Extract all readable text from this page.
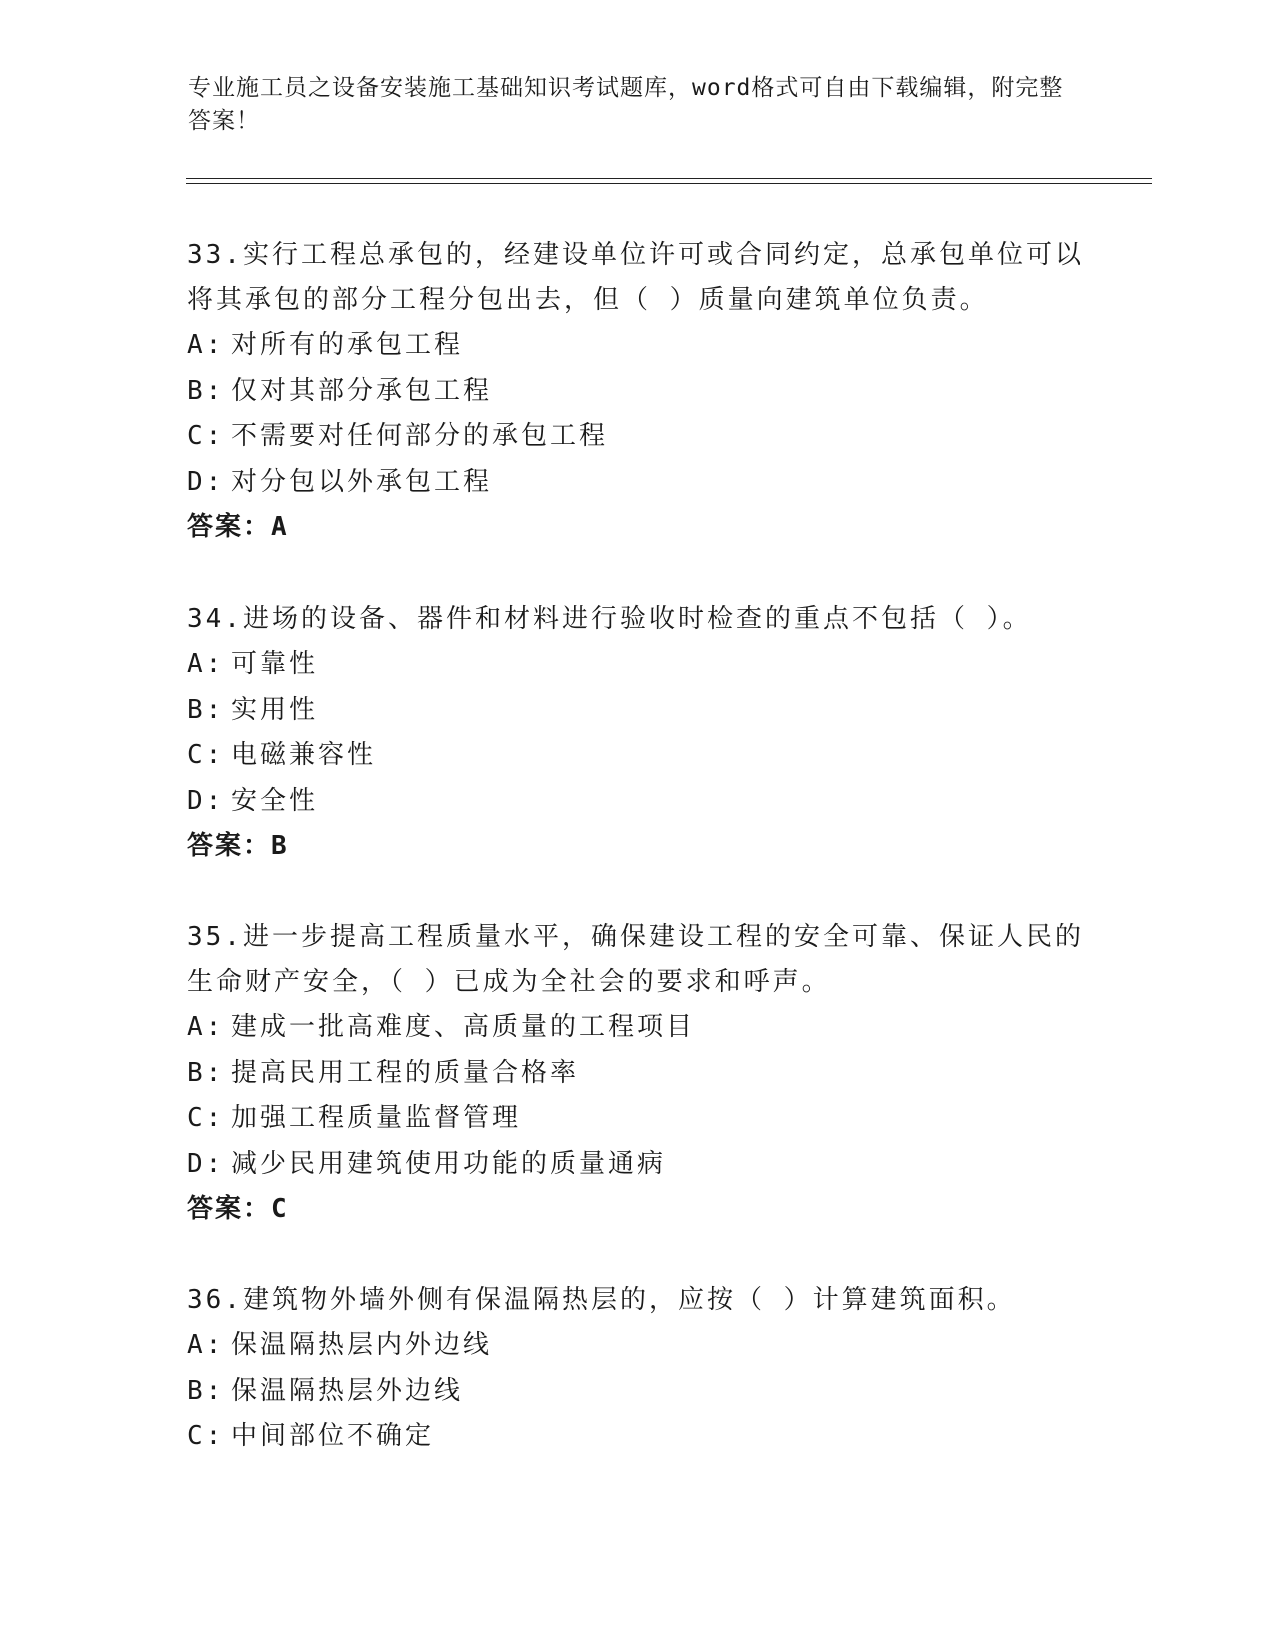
专业施工员之设备安装施工基础知识考试题库，word格式可自由下载编辑，附完整答案！

33.实行工程总承包的，经建设单位许可或合同约定，总承包单位可以将其承包的部分工程分包出去，但（ ）质量向建筑单位负责。

A: 对所有的承包工程

B: 仅对其部分承包工程

C: 不需要对任何部分的承包工程

D: 对分包以外承包工程

答案：A

34.进场的设备、器件和材料进行验收时检查的重点不包括（ ）。

A: 可靠性

B: 实用性

C: 电磁兼容性

D: 安全性

答案：B

35.进一步提高工程质量水平，确保建设工程的安全可靠、保证人民的生命财产安全，（ ）已成为全社会的要求和呼声。

A: 建成一批高难度、高质量的工程项目

B: 提高民用工程的质量合格率

C: 加强工程质量监督管理

D: 减少民用建筑使用功能的质量通病

答案：C

36.建筑物外墙外侧有保温隔热层的，应按（ ）计算建筑面积。

A: 保温隔热层内外边线

B: 保温隔热层外边线

C: 中间部位不确定
